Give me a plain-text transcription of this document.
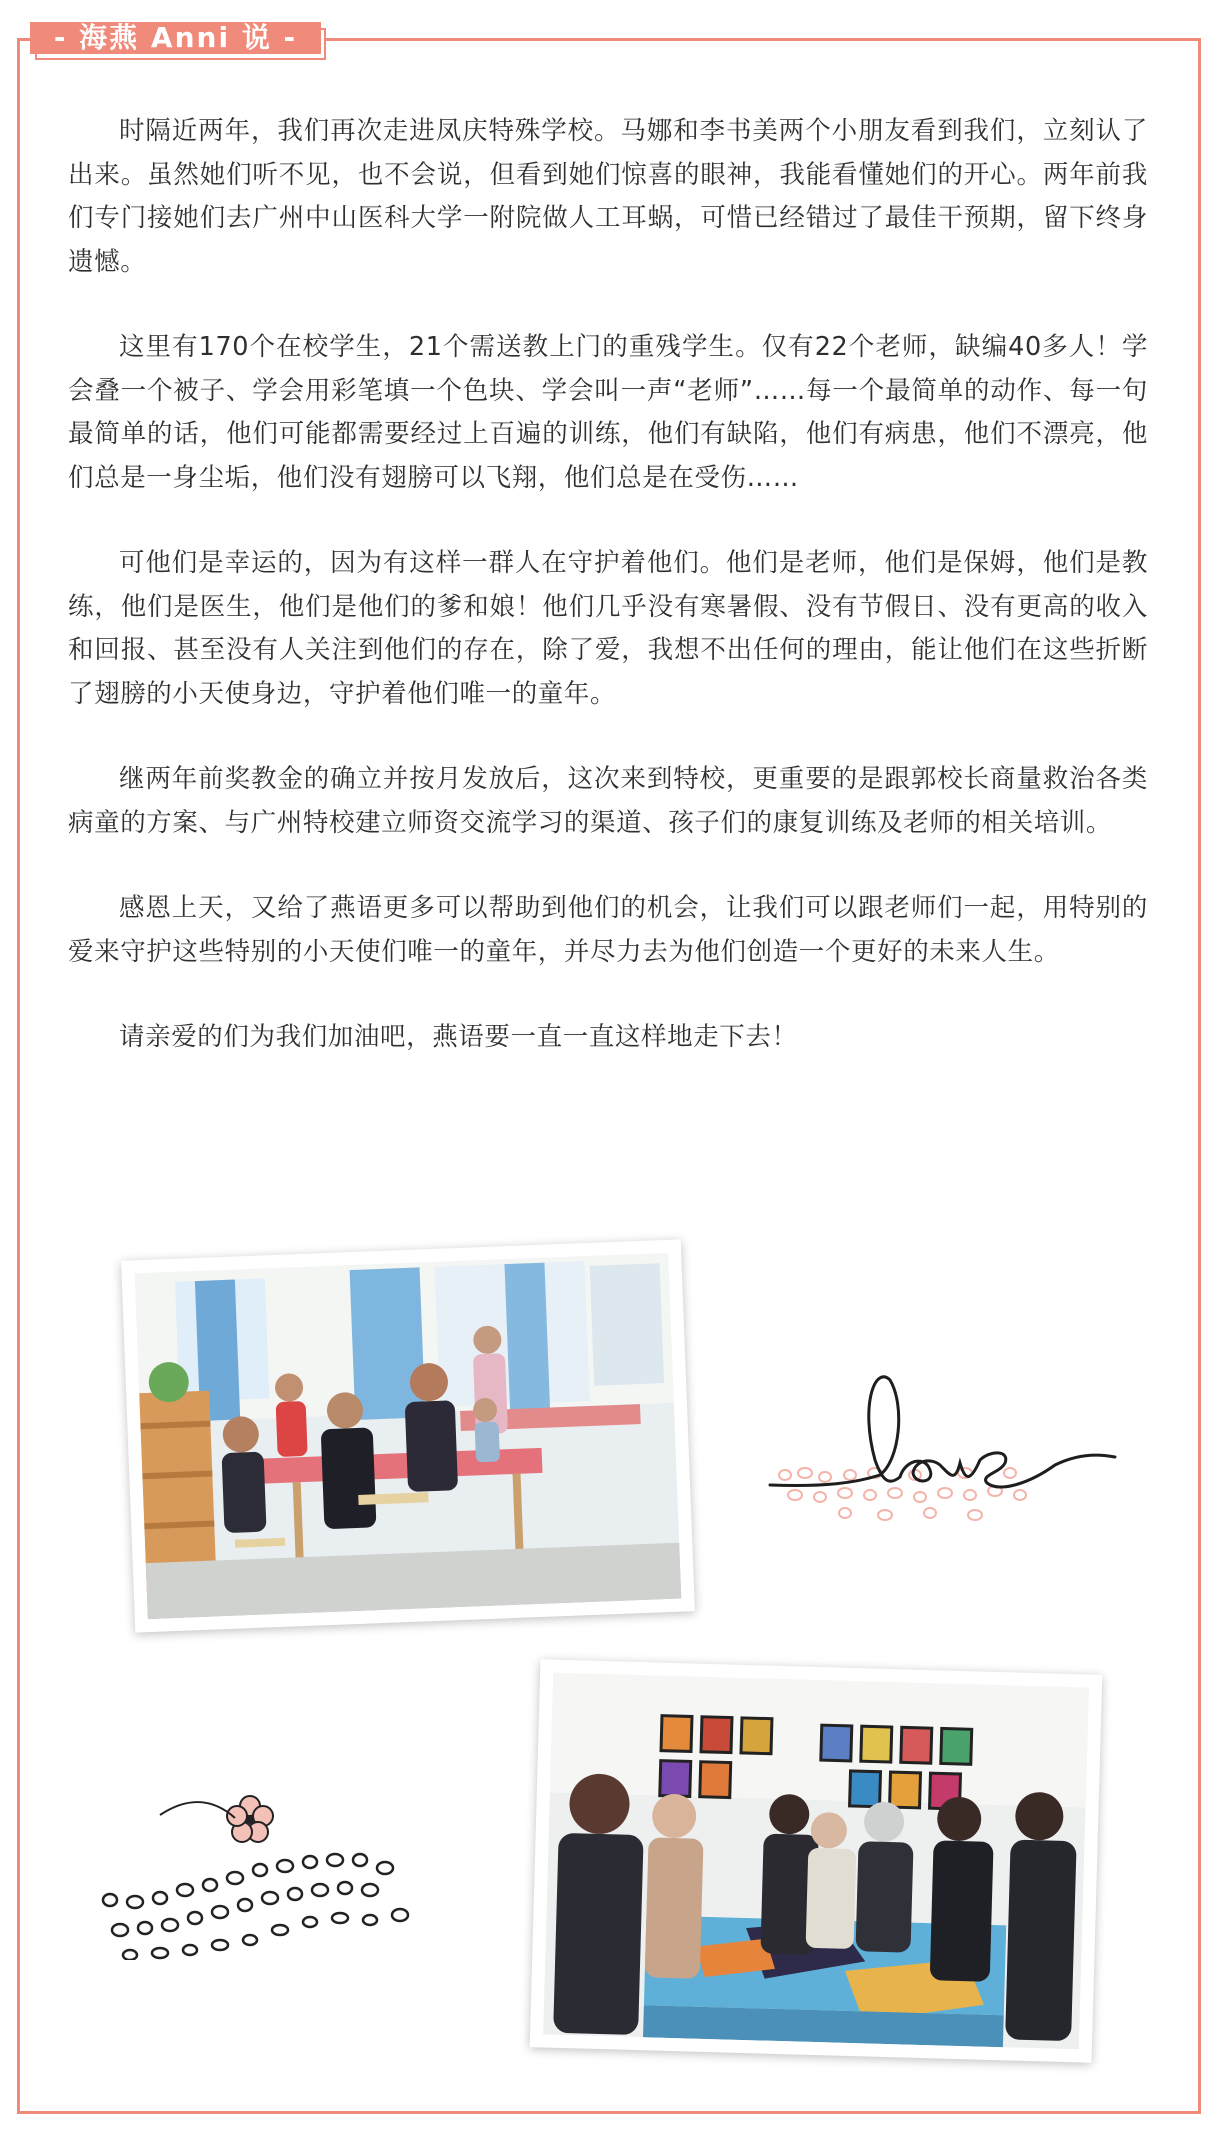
- 海燕 Anni 说 -

时隔近两年，我们再次走进凤庆特殊学校。马娜和李书美两个小朋友看到我们，立刻认了出来。虽然她们听不见，也不会说，但看到她们惊喜的眼神，我能看懂她们的开心。两年前我们专门接她们去广州中山医科大学一附院做人工耳蜗，可惜已经错过了最佳干预期，留下终身遗憾。

这里有170个在校学生，21个需送教上门的重残学生。仅有22个老师，缺编40多人！学会叠一个被子、学会用彩笔填一个色块、学会叫一声“老师”……每一个最简单的动作、每一句最简单的话，他们可能都需要经过上百遍的训练，他们有缺陷，他们有病患，他们不漂亮，他们总是一身尘垢，他们没有翅膀可以飞翔，他们总是在受伤……

可他们是幸运的，因为有这样一群人在守护着他们。他们是老师，他们是保姆，他们是教练，他们是医生，他们是他们的爹和娘！他们几乎没有寒暑假、没有节假日、没有更高的收入和回报、甚至没有人关注到他们的存在，除了爱，我想不出任何的理由，能让他们在这些折断了翅膀的小天使身边，守护着他们唯一的童年。

继两年前奖教金的确立并按月发放后，这次来到特校，更重要的是跟郭校长商量救治各类病童的方案、与广州特校建立师资交流学习的渠道、孩子们的康复训练及老师的相关培训。

感恩上天，又给了燕语更多可以帮助到他们的机会，让我们可以跟老师们一起，用特别的爱来守护这些特别的小天使们唯一的童年，并尽力去为他们创造一个更好的未来人生。

请亲爱的们为我们加油吧，燕语要一直一直这样地走下去！
